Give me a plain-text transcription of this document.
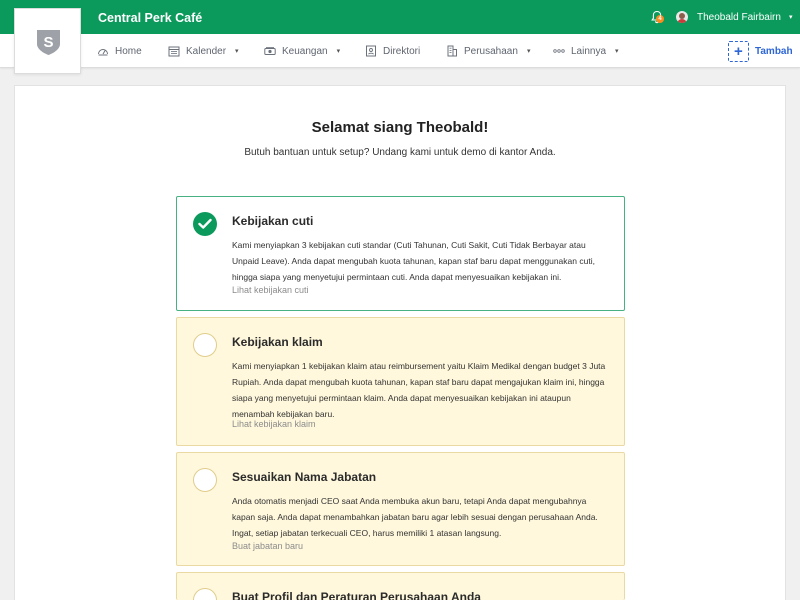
Central Perk Café	4	Theobald Fairbairn ▾
Home	Kalender ▾	Keuangan ▾	Direktori	Perusahaan ▾	Lainnya ▾	+ Tambah
S
Selamat siang Theobald!
Butuh bantuan untuk setup? Undang kami untuk demo di kantor Anda.
Kebijakan cuti
Kami menyiapkan 3 kebijakan cuti standar (Cuti Tahunan, Cuti Sakit, Cuti Tidak Berbayar atau Unpaid Leave). Anda dapat mengubah kuota tahunan, kapan staf baru dapat menggunakan cuti, hingga siapa yang menyetujui permintaan cuti. Anda dapat menyesuaikan kebijakan ini.
Lihat kebijakan cuti
Kebijakan klaim
Kami menyiapkan 1 kebijakan klaim atau reimbursement yaitu Klaim Medikal dengan budget 3 Juta Rupiah. Anda dapat mengubah kuota tahunan, kapan staf baru dapat mengajukan klaim ini, hingga siapa yang menyetujui permintaan klaim. Anda dapat menyesuaikan kebijakan ini ataupun menambah kebijakan baru.
Lihat kebijakan klaim
Sesuaikan Nama Jabatan
Anda otomatis menjadi CEO saat Anda membuka akun baru, tetapi Anda dapat mengubahnya kapan saja. Anda dapat menambahkan jabatan baru agar lebih sesuai dengan perusahaan Anda. Ingat, setiap jabatan terkecuali CEO, harus memiliki 1 atasan langsung.
Buat jabatan baru
Buat Profil dan Peraturan Perusahaan Anda
